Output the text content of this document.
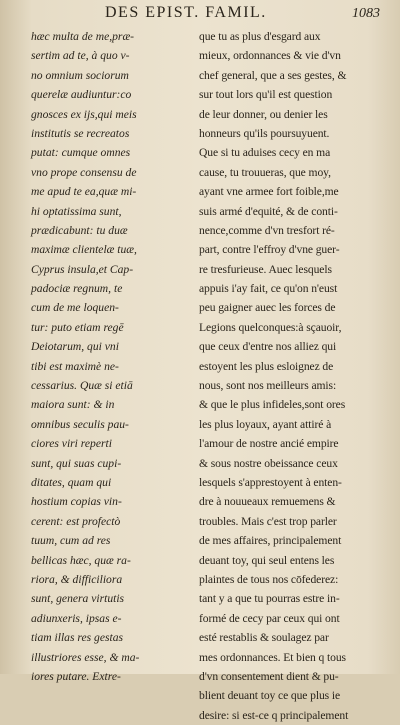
DES EPIST. FAMIL.	1083
hæc multa de me,præ-
sertim ad te, à quo v-
no omnium sociorum
querelæ audiuntur:co
gnosces ex ijs,qui meis
institutis se recreatos
putat: cumque omnes
vno prope consensu de
me apud te ea,quæ mi-
hi optatissima sunt,
prædicabunt: tu duæ
maximæ clientelæ tuæ,
Cyprus insula,et Cap-
padociæ regnum, te
cum de me loquen-
tur: puto etiam regē
Deiotarum, qui vni
tibi est maximè ne-
cessarius. Quæ si etiā
maiora sunt: & in
omnibus seculis pau-
ciores viri reperti
sunt, qui suas cupi-
ditates, quam qui
hostium copias vin-
cerent: est profectò
tuum, cum ad res
bellicas hæc, quæ ra-
riora, & difficiliora
sunt, genera virtutis
adiunxeris, ipsas e-
tiam illas res gestas
illustriores esse, & ma-
iores putare. Extre-
que tu as plus d'esgard aux
mieux, ordonnances & vie d'vn
chef general, que a ses gestes, &
sur tout lors qu'il est question
de leur donner, ou denier les
honneurs qu'ils poursuyuent.
Que si tu aduises cecy en ma
cause, tu trouueras, que moy,
ayant vne armee fort foible,me
suis armé d'equité, & de conti-
nence,comme d'vn tresfort ré-
part, contre l'effroy d'vne guer-
re tresfurieuse. Auec lesquels
appuis i'ay fait, ce qu'on n'eust
peu gaigner auec les forces de
Legions quelconques:à sçauoir,
que ceux d'entre nos alliez qui
estoyent les plus esloignez de
nous, sont nos meilleurs amis:
& que le plus infideles,sont ores
les plus loyaux, ayant attiré à
l'amour de nostre ancié empire
& sous nostre obeissance ceux
lesquels s'apprestoyent à enten-
dre à nouueaux remuemens &
troubles. Mais c'est trop parler
de mes affaires, principalement
deuant toy, qui seul entens les
plaintes de tous nos cōfederez:
tant y a que tu pourras estre in-
formé de cecy par ceux qui ont
esté restablis & soulagez par
mes ordonnances. Et bien q tous
d'vn consentement dient & pu-
blient deuant toy ce que plus ie
desire: si est-ce q principalement
